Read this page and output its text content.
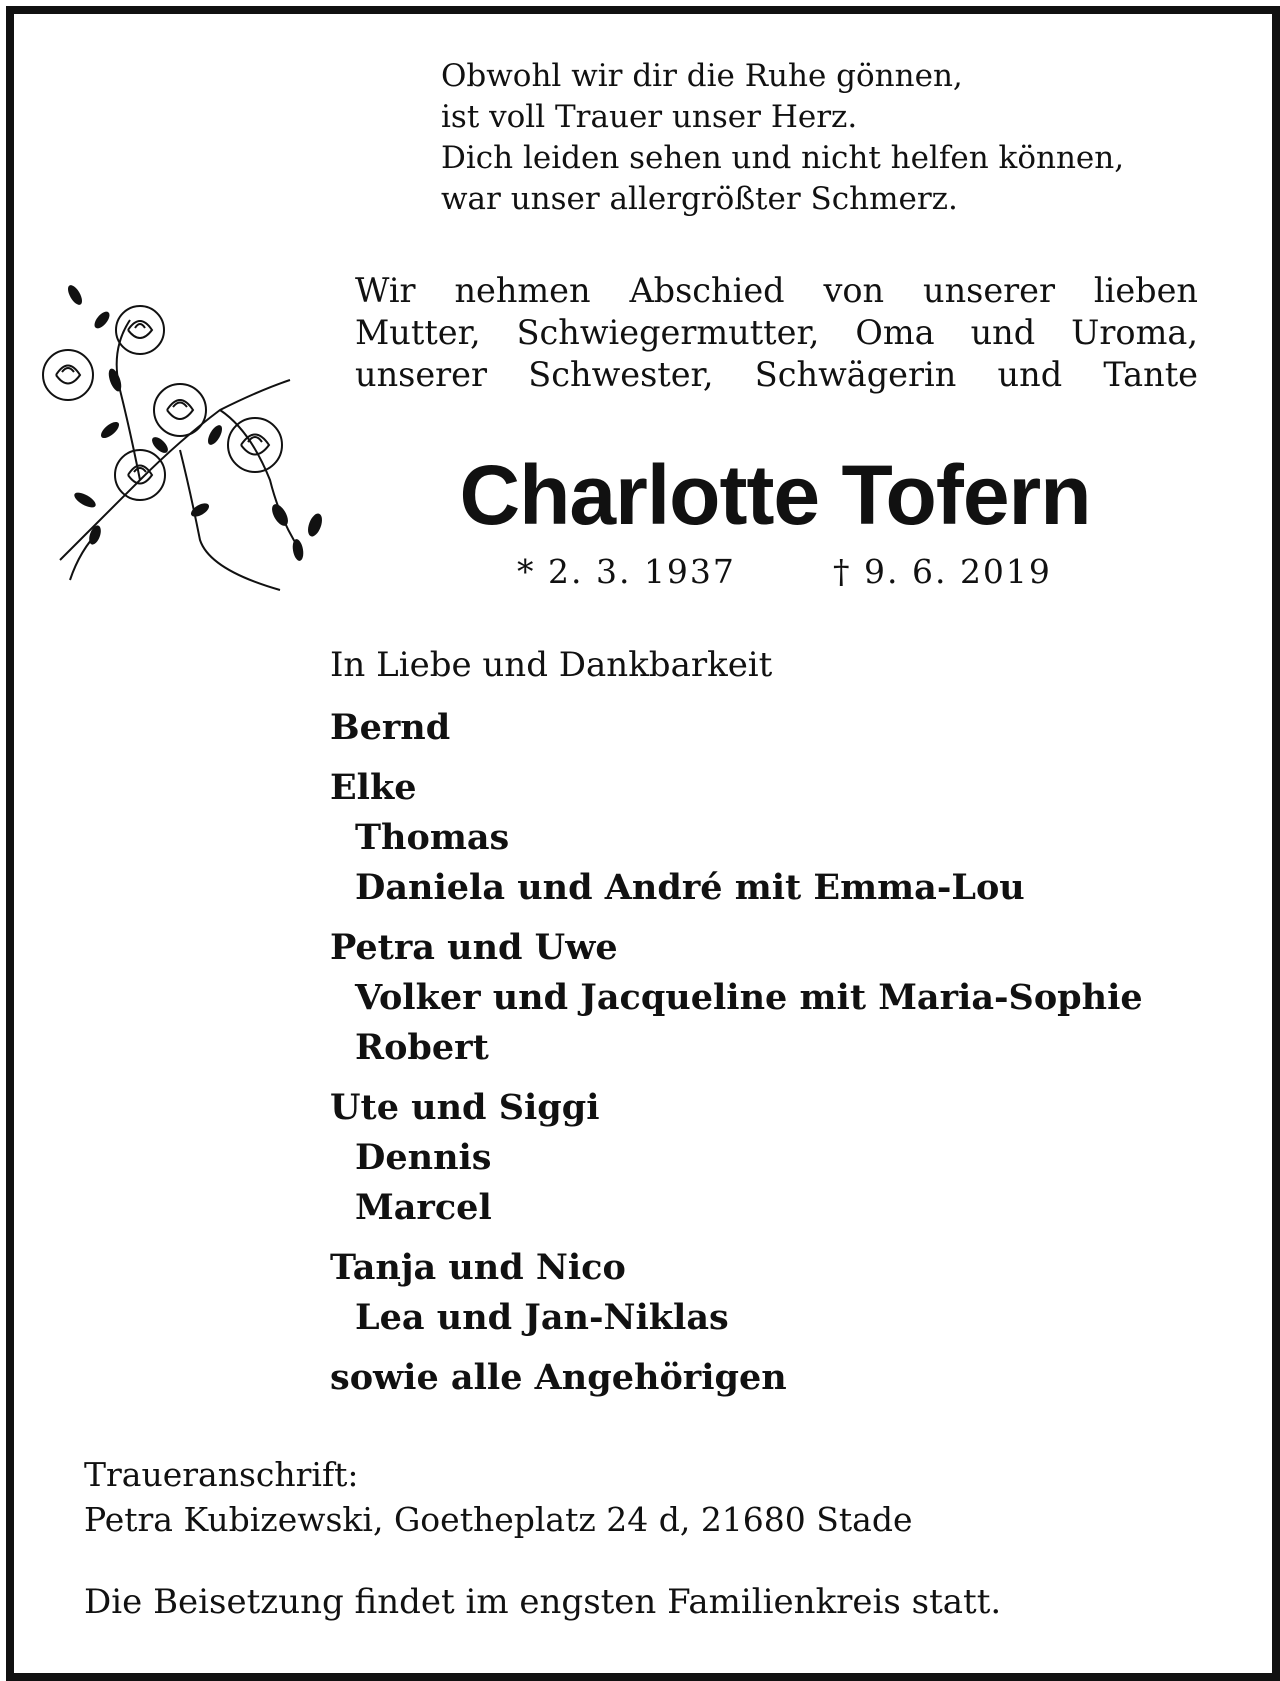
Obwohl wir dir die Ruhe gönnen,
ist voll Trauer unser Herz.
Dich leiden sehen und nicht helfen können,
war unser allergrößter Schmerz.
Wir nehmen Abschied von unserer lieben
Mutter, Schwiegermutter, Oma und Uroma,
unserer Schwester, Schwägerin und Tante
Charlotte Tofern
* 2. 3. 1937	† 9. 6. 2019
In Liebe und Dankbarkeit
Bernd
Elke
Thomas
Daniela und André mit Emma-Lou
Petra und Uwe
Volker und Jacqueline mit Maria-Sophie
Robert
Ute und Siggi
Dennis
Marcel
Tanja und Nico
Lea und Jan-Niklas
sowie alle Angehörigen
Traueranschrift:
Petra Kubizewski, Goetheplatz 24 d, 21680 Stade
Die Beisetzung findet im engsten Familienkreis statt.
